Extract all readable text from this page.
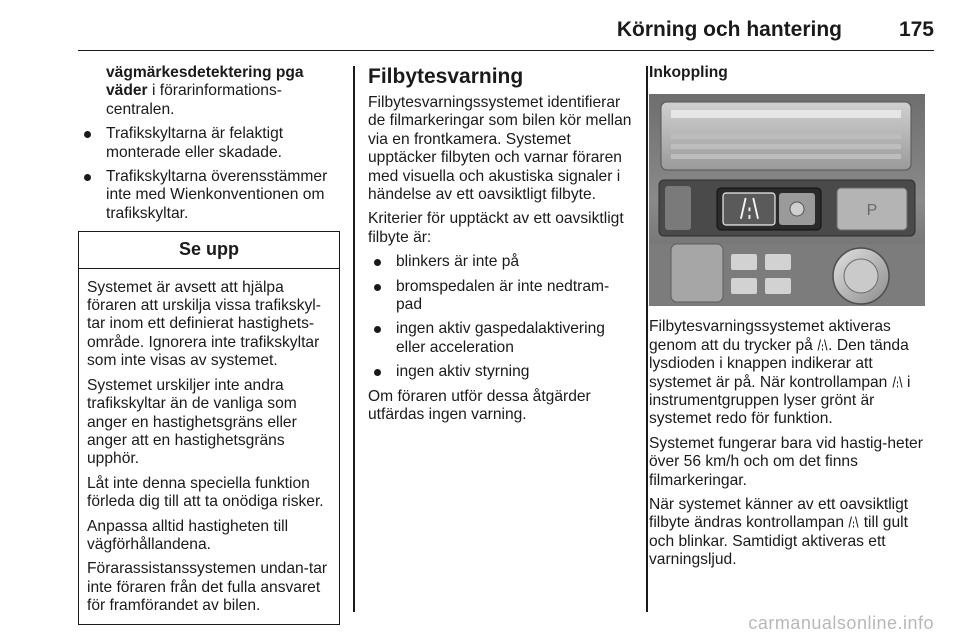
Körning och hantering	175

vägmärkesdetektering pga väder i förarinformations-centralen.

Trafikskyltarna är felaktigt monterade eller skadade.
Trafikskyltarna överensstämmer inte med Wienkonventionen om trafikskyltar.
Se upp

Systemet är avsett att hjälpa föraren att urskilja vissa trafikskyl-tar inom ett definierat hastighets-område. Ignorera inte trafikskyltar som inte visas av systemet.

Systemet urskiljer inte andra trafikskyltar än de vanliga som anger en hastighetsgräns eller anger att en hastighetsgräns upphör.

Låt inte denna speciella funktion förleda dig till att ta onödiga risker.

Anpassa alltid hastigheten till vägförhållandena.

Förarassistanssystemen undan-tar inte föraren från det fulla ansvaret för framförandet av bilen.

Filbytesvarning

Filbytesvarningssystemet identifierar de filmarkeringar som bilen kör mellan via en frontkamera. Systemet upptäcker filbyten och varnar föraren med visuella och akustiska signaler i händelse av ett oavsiktligt filbyte.

Kriterier för upptäckt av ett oavsiktligt filbyte är:

blinkers är inte på
bromspedalen är inte nedtram-pad
ingen aktiv gaspedalaktivering eller acceleration
ingen aktiv styrning

Om föraren utför dessa åtgärder utfärdas ingen varning.

Inkoppling
P

Filbytesvarningssystemet aktiveras genom att du trycker på . Den tända lysdioden i knappen indikerar att systemet är på. När kontrollampan  i instrumentgruppen lyser grönt är systemet redo för funktion.

Systemet fungerar bara vid hastig-heter över 56 km/h och om det finns filmarkeringar.

När systemet känner av ett oavsiktligt filbyte ändras kontrollampan  till gult och blinkar. Samtidigt aktiveras ett varningsljud.

carmanualsonline.info
